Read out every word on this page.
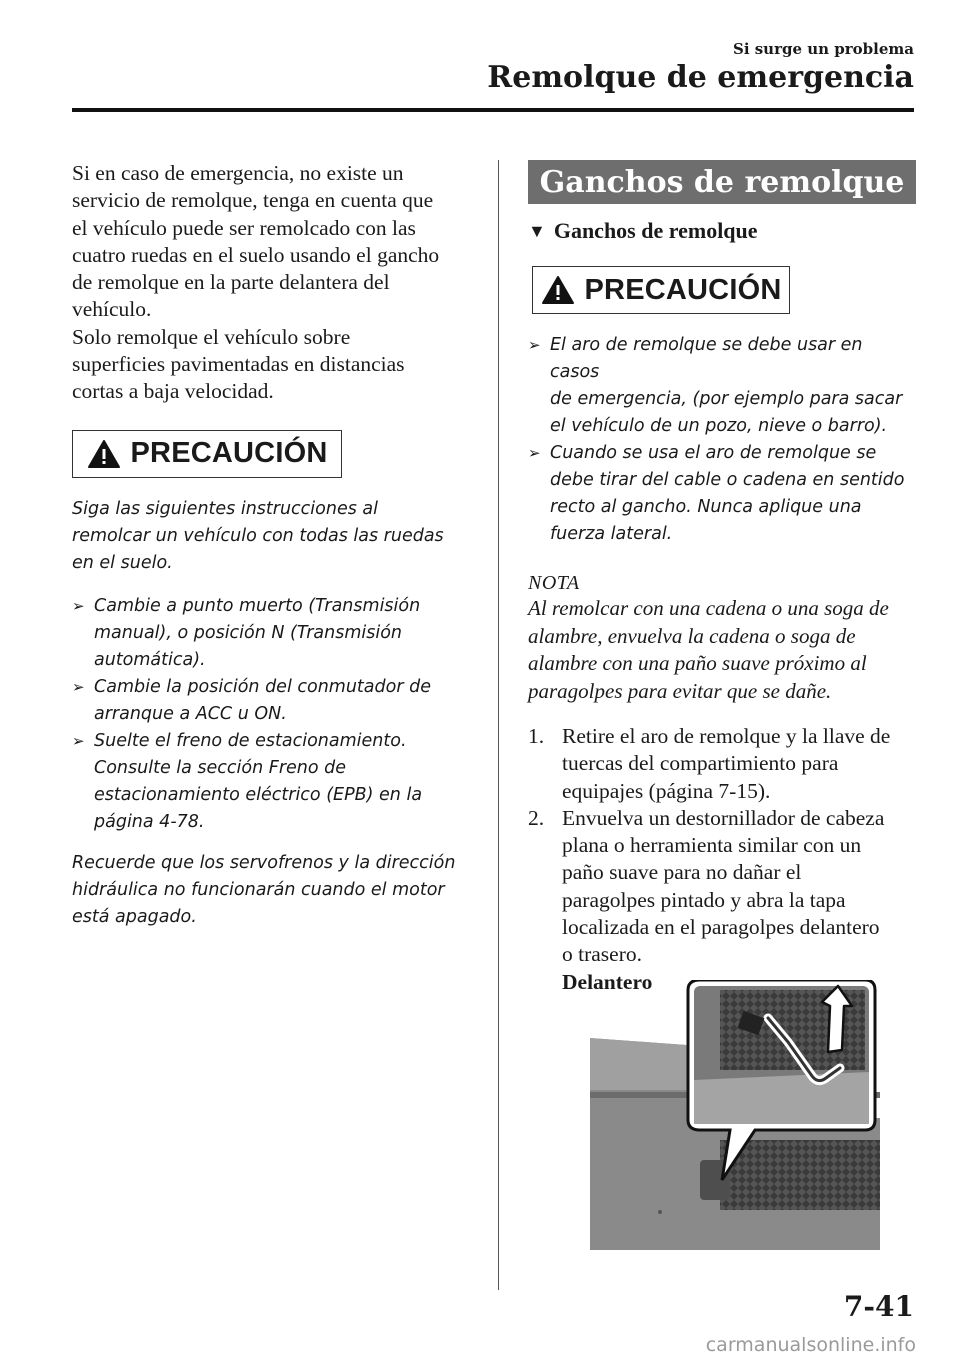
Si surge un problema
Remolque de emergencia

Si en caso de emergencia, no existe un

servicio de remolque, tenga en cuenta que

el vehículo puede ser remolcado con las

cuatro ruedas en el suelo usando el gancho

de remolque en la parte delantera del

vehículo.

Solo remolque el vehículo sobre

superficies pavimentadas en distancias

cortas a baja velocidad.

PRECAUCIÓN

Siga las siguientes instrucciones al

remolcar un vehículo con todas las ruedas

en el suelo.

➢ Cambie a punto muerto (Transmisión

manual), o posición N (Transmisión

automática).

➢ Cambie la posición del conmutador de

arranque a ACC u ON.

➢ Suelte el freno de estacionamiento.

Consulte la sección Freno de

estacionamiento eléctrico (EPB) en la

página 4-78.

Recuerde que los servofrenos y la dirección

hidráulica no funcionarán cuando el motor

está apagado.

Ganchos de remolque
▼ Ganchos de remolque
PRECAUCIÓN
➢ El aro de remolque se debe usar en casos

de emergencia, (por ejemplo para sacar

el vehículo de un pozo, nieve o barro).

➢ Cuando se usa el aro de remolque se

debe tirar del cable o cadena en sentido

recto al gancho. Nunca aplique una

fuerza lateral.

NOTA

Al remolcar con una cadena o una soga de

alambre, envuelva la cadena o soga de

alambre con una paño suave próximo al

paragolpes para evitar que se dañe.

1. Retire el aro de remolque y la llave de
tuercas del compartimiento para
equipajes (página 7-15).
2. Envuelva un destornillador de cabeza
plana o herramienta similar con un
paño suave para no dañar el
paragolpes pintado y abra la tapa
localizada en el paragolpes delantero
o trasero.
Delantero
7-41
carmanualsonline.info
